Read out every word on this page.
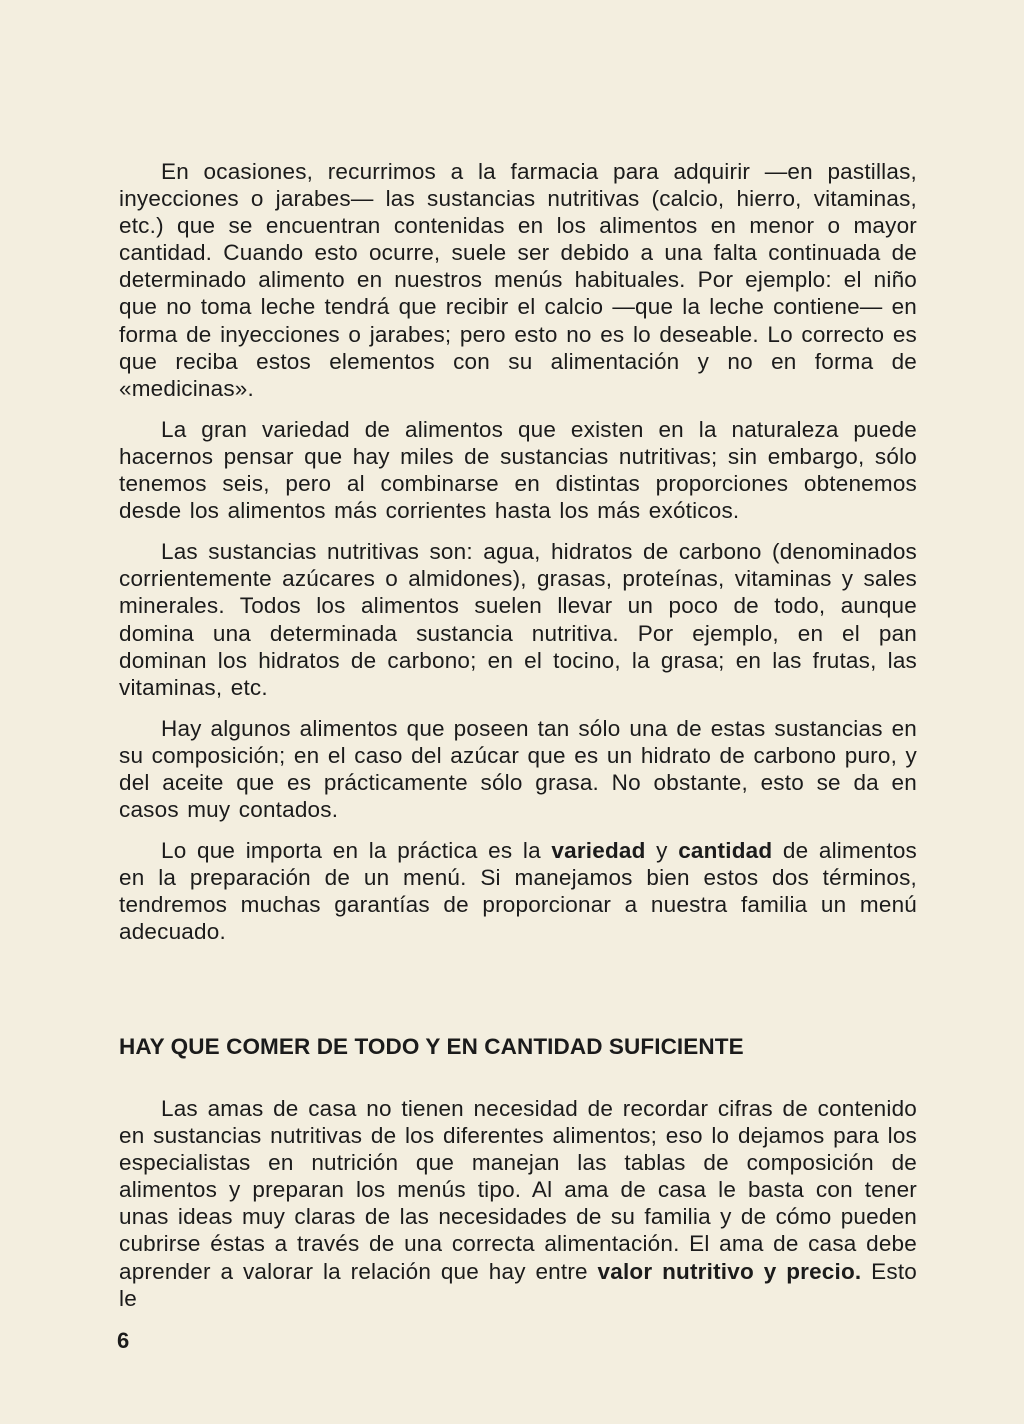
En ocasiones, recurrimos a la farmacia para adquirir —en pastillas, inyecciones o jarabes— las sustancias nutritivas (calcio, hierro, vitaminas, etc.) que se encuentran contenidas en los alimentos en menor o mayor cantidad. Cuando esto ocurre, suele ser debido a una falta continuada de determinado alimento en nuestros menús habituales. Por ejemplo: el niño que no toma leche tendrá que recibir el calcio —que la leche contiene— en forma de inyecciones o jarabes; pero esto no es lo deseable. Lo correcto es que reciba estos elementos con su alimentación y no en forma de «medicinas».

La gran variedad de alimentos que existen en la naturaleza puede hacernos pensar que hay miles de sustancias nutritivas; sin embargo, sólo tenemos seis, pero al combinarse en distintas proporciones obtenemos desde los alimentos más corrientes hasta los más exóticos.

Las sustancias nutritivas son: agua, hidratos de carbono (denominados corrientemente azúcares o almidones), grasas, proteínas, vitaminas y sales minerales. Todos los alimentos suelen llevar un poco de todo, aunque domina una determinada sustancia nutritiva. Por ejemplo, en el pan dominan los hidratos de carbono; en el tocino, la grasa; en las frutas, las vitaminas, etc.

Hay algunos alimentos que poseen tan sólo una de estas sustancias en su composición; en el caso del azúcar que es un hidrato de carbono puro, y del aceite que es prácticamente sólo grasa. No obstante, esto se da en casos muy contados.

Lo que importa en la práctica es la variedad y cantidad de alimentos en la preparación de un menú. Si manejamos bien estos dos términos, tendremos muchas garantías de proporcionar a nuestra familia un menú adecuado.

HAY QUE COMER DE TODO Y EN CANTIDAD SUFICIENTE

Las amas de casa no tienen necesidad de recordar cifras de contenido en sustancias nutritivas de los diferentes alimentos; eso lo dejamos para los especialistas en nutrición que manejan las tablas de composición de alimentos y preparan los menús tipo. Al ama de casa le basta con tener unas ideas muy claras de las necesidades de su familia y de cómo pueden cubrirse éstas a través de una correcta alimentación. El ama de casa debe aprender a valorar la relación que hay entre valor nutritivo y precio. Esto le

6
